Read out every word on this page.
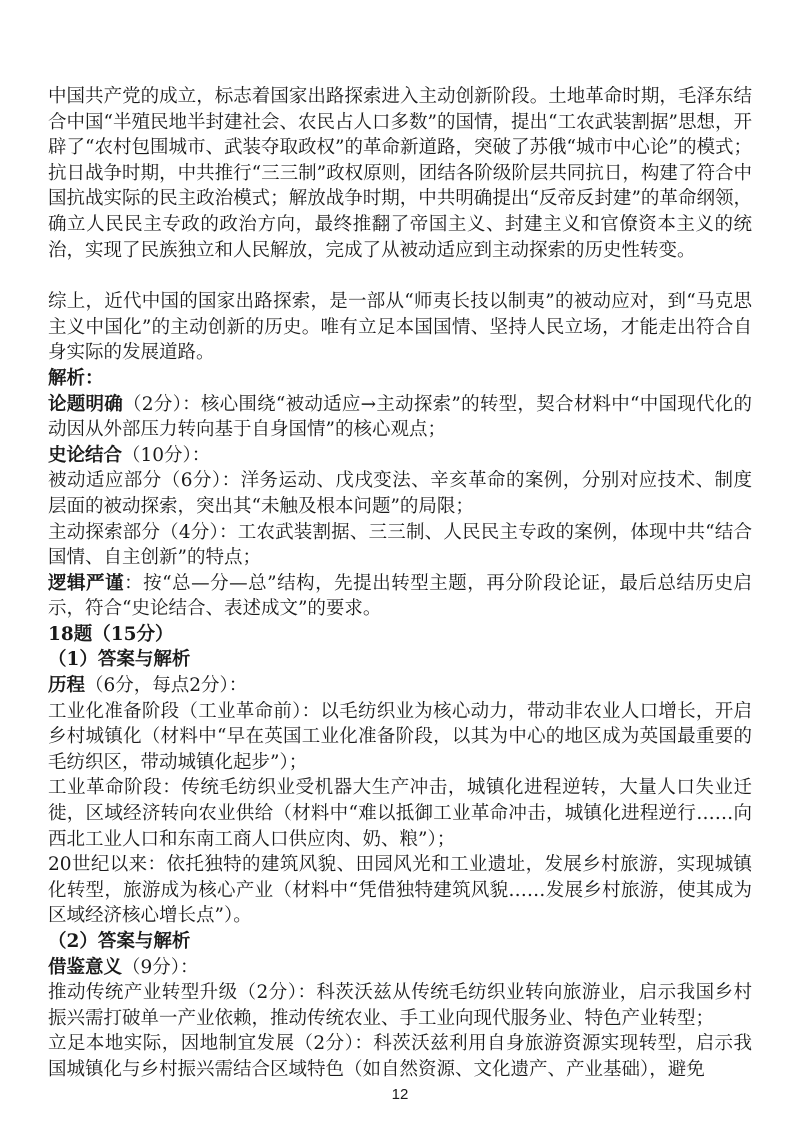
中国共产党的成立，标志着国家出路探索进入主动创新阶段。土地革命时期，毛泽东结合中国“半殖民地半封建社会、农民占人口多数”的国情，提出“工农武装割据”思想，开辟了“农村包围城市、武装夺取政权”的革命新道路，突破了苏俄“城市中心论”的模式；抗日战争时期，中共推行“三三制”政权原则，团结各阶级阶层共同抗日，构建了符合中国抗战实际的民主政治模式；解放战争时期，中共明确提出“反帝反封建”的革命纲领，确立人民民主专政的政治方向，最终推翻了帝国主义、封建主义和官僚资本主义的统治，实现了民族独立和人民解放，完成了从被动适应到主动探索的历史性转变。

综上，近代中国的国家出路探索，是一部从“师夷长技以制夷”的被动应对，到“马克思主义中国化”的主动创新的历史。唯有立足本国国情、坚持人民立场，才能走出符合自身实际的发展道路。

解析：

论题明确（2分）：核心围绕“被动适应→主动探索”的转型，契合材料中“中国现代化的动因从外部压力转向基于自身国情”的核心观点；

史论结合（10分）：

被动适应部分（6分）：洋务运动、戊戌变法、辛亥革命的案例，分别对应技术、制度层面的被动探索，突出其“未触及根本问题”的局限；

主动探索部分（4分）：工农武装割据、三三制、人民民主专政的案例，体现中共“结合国情、自主创新”的特点；

逻辑严谨：按“总—分—总”结构，先提出转型主题，再分阶段论证，最后总结历史启示，符合“史论结合、表述成文”的要求。

18题（15分）

（1）答案与解析

历程（6分，每点2分）：

工业化准备阶段（工业革命前）：以毛纺织业为核心动力，带动非农业人口增长，开启乡村城镇化（材料中“早在英国工业化准备阶段，以其为中心的地区成为英国最重要的毛纺织区，带动城镇化起步”）；

工业革命阶段：传统毛纺织业受机器大生产冲击，城镇化进程逆转，大量人口失业迁徙，区域经济转向农业供给（材料中“难以抵御工业革命冲击，城镇化进程逆行……向西北工业人口和东南工商人口供应肉、奶、粮”）；

20世纪以来：依托独特的建筑风貌、田园风光和工业遗址，发展乡村旅游，实现城镇化转型，旅游成为核心产业（材料中“凭借独特建筑风貌……发展乡村旅游，使其成为区域经济核心增长点”）。

（2）答案与解析

借鉴意义（9分）：

推动传统产业转型升级（2分）：科茨沃兹从传统毛纺织业转向旅游业，启示我国乡村振兴需打破单一产业依赖，推动传统农业、手工业向现代服务业、特色产业转型；

立足本地实际，因地制宜发展（2分）：科茨沃兹利用自身旅游资源实现转型，启示我国城镇化与乡村振兴需结合区域特色（如自然资源、文化遗产、产业基础），避免

12
